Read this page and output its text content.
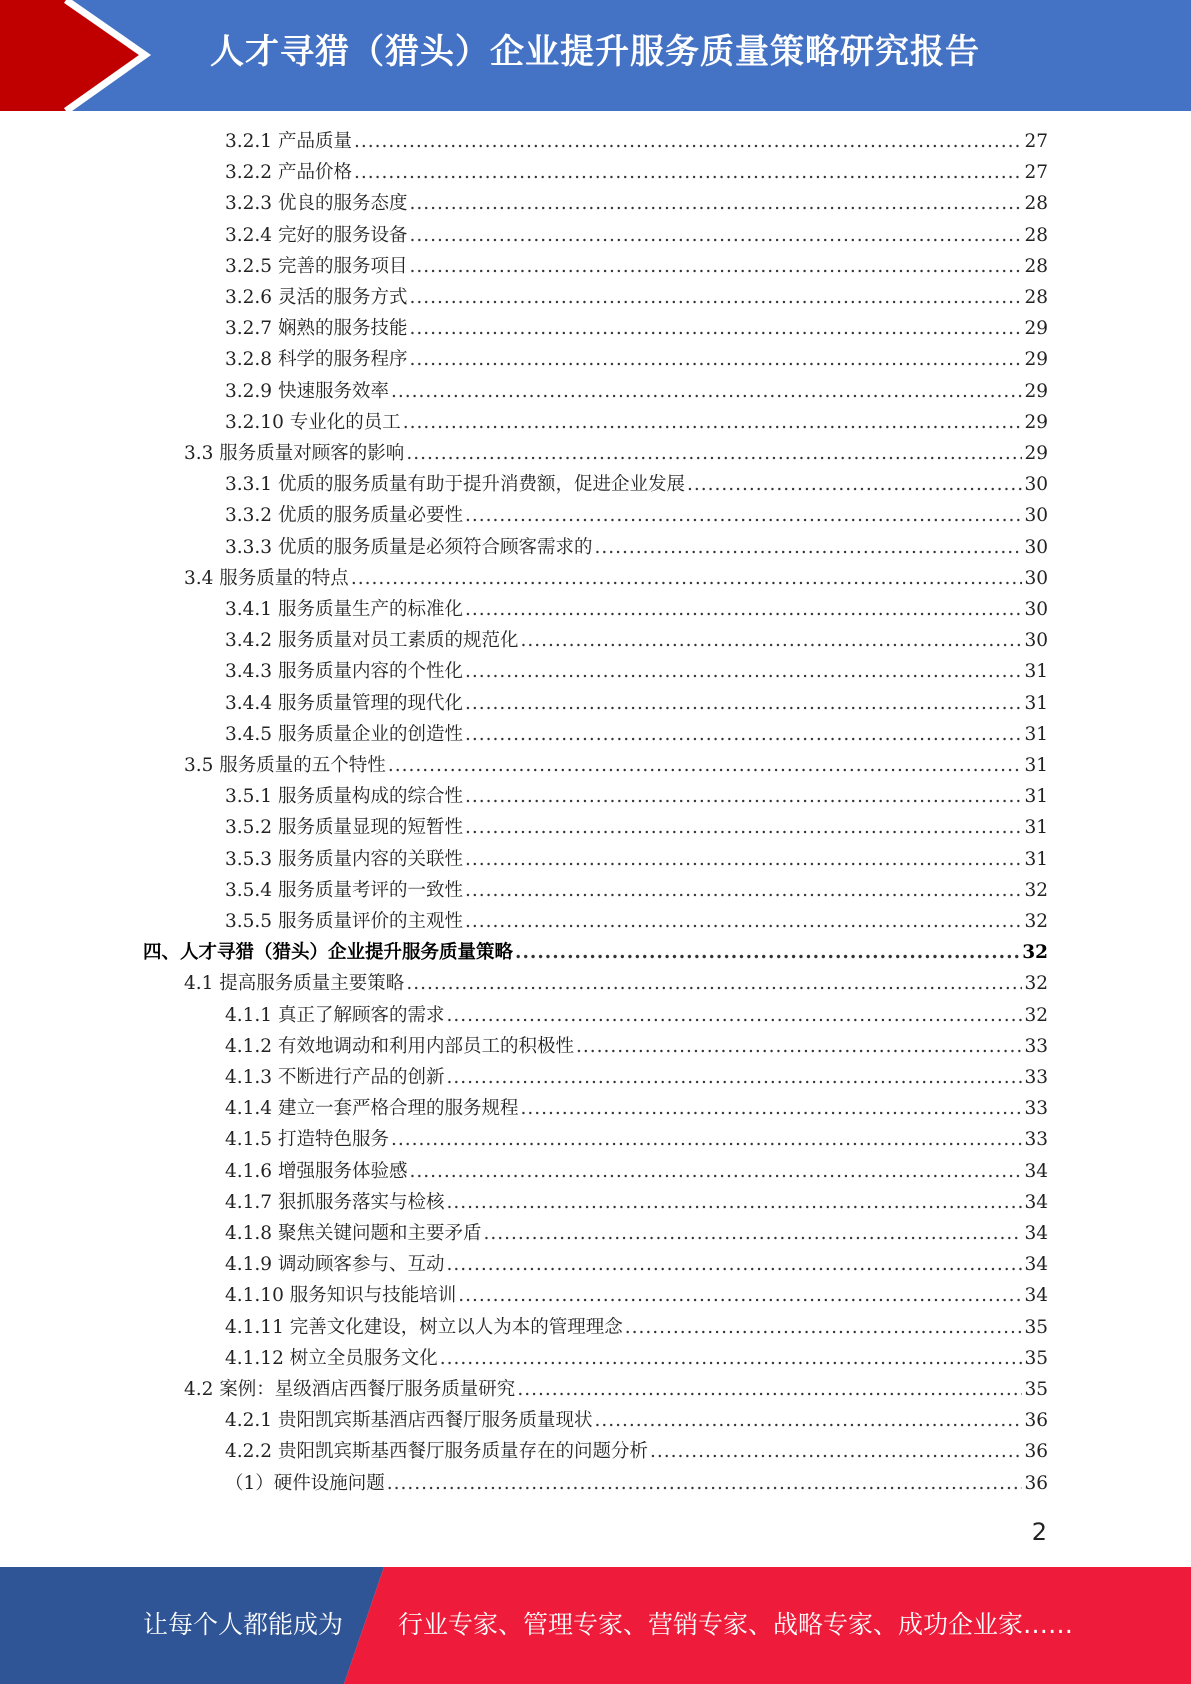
人才寻猎（猎头）企业提升服务质量策略研究报告
3.2.1 产品质量 .....	27
3.2.2 产品价格 .....	27
3.2.3 优良的服务态度 .....	28
3.2.4 完好的服务设备 .....	28
3.2.5 完善的服务项目 .....	28
3.2.6 灵活的服务方式 .....	28
3.2.7 娴熟的服务技能 .....	29
3.2.8 科学的服务程序 .....	29
3.2.9 快速服务效率 .....	29
3.2.10 专业化的员工 .....	29
3.3 服务质量对顾客的影响 .....	29
3.3.1 优质的服务质量有助于提升消费额，促进企业发展 .....	30
3.3.2 优质的服务质量必要性 .....	30
3.3.3 优质的服务质量是必须符合顾客需求的 .....	30
3.4 服务质量的特点 .....	30
3.4.1 服务质量生产的标准化 .....	30
3.4.2 服务质量对员工素质的规范化 .....	30
3.4.3 服务质量内容的个性化 .....	31
3.4.4 服务质量管理的现代化 .....	31
3.4.5 服务质量企业的创造性 .....	31
3.5 服务质量的五个特性 .....	31
3.5.1 服务质量构成的综合性 .....	31
3.5.2 服务质量显现的短暂性 .....	31
3.5.3 服务质量内容的关联性 .....	31
3.5.4 服务质量考评的一致性 .....	32
3.5.5 服务质量评价的主观性 .....	32
四、人才寻猎（猎头）企业提升服务质量策略 .....	32
4.1 提高服务质量主要策略 .....	32
4.1.1 真正了解顾客的需求 .....	32
4.1.2 有效地调动和利用内部员工的积极性 .....	33
4.1.3 不断进行产品的创新 .....	33
4.1.4 建立一套严格合理的服务规程 .....	33
4.1.5 打造特色服务 .....	33
4.1.6 增强服务体验感 .....	34
4.1.7 狠抓服务落实与检核 .....	34
4.1.8 聚焦关键问题和主要矛盾 .....	34
4.1.9 调动顾客参与、互动 .....	34
4.1.10 服务知识与技能培训 .....	34
4.1.11 完善文化建设，树立以人为本的管理理念 .....	35
4.1.12 树立全员服务文化 .....	35
4.2 案例：星级酒店西餐厅服务质量研究 .....	35
4.2.1 贵阳凯宾斯基酒店西餐厅服务质量现状 .....	36
4.2.2 贵阳凯宾斯基西餐厅服务质量存在的问题分析 .....	36
（1）硬件设施问题 .....	36
2
让每个人都能成为 行业专家、管理专家、营销专家、战略专家、成功企业家……
